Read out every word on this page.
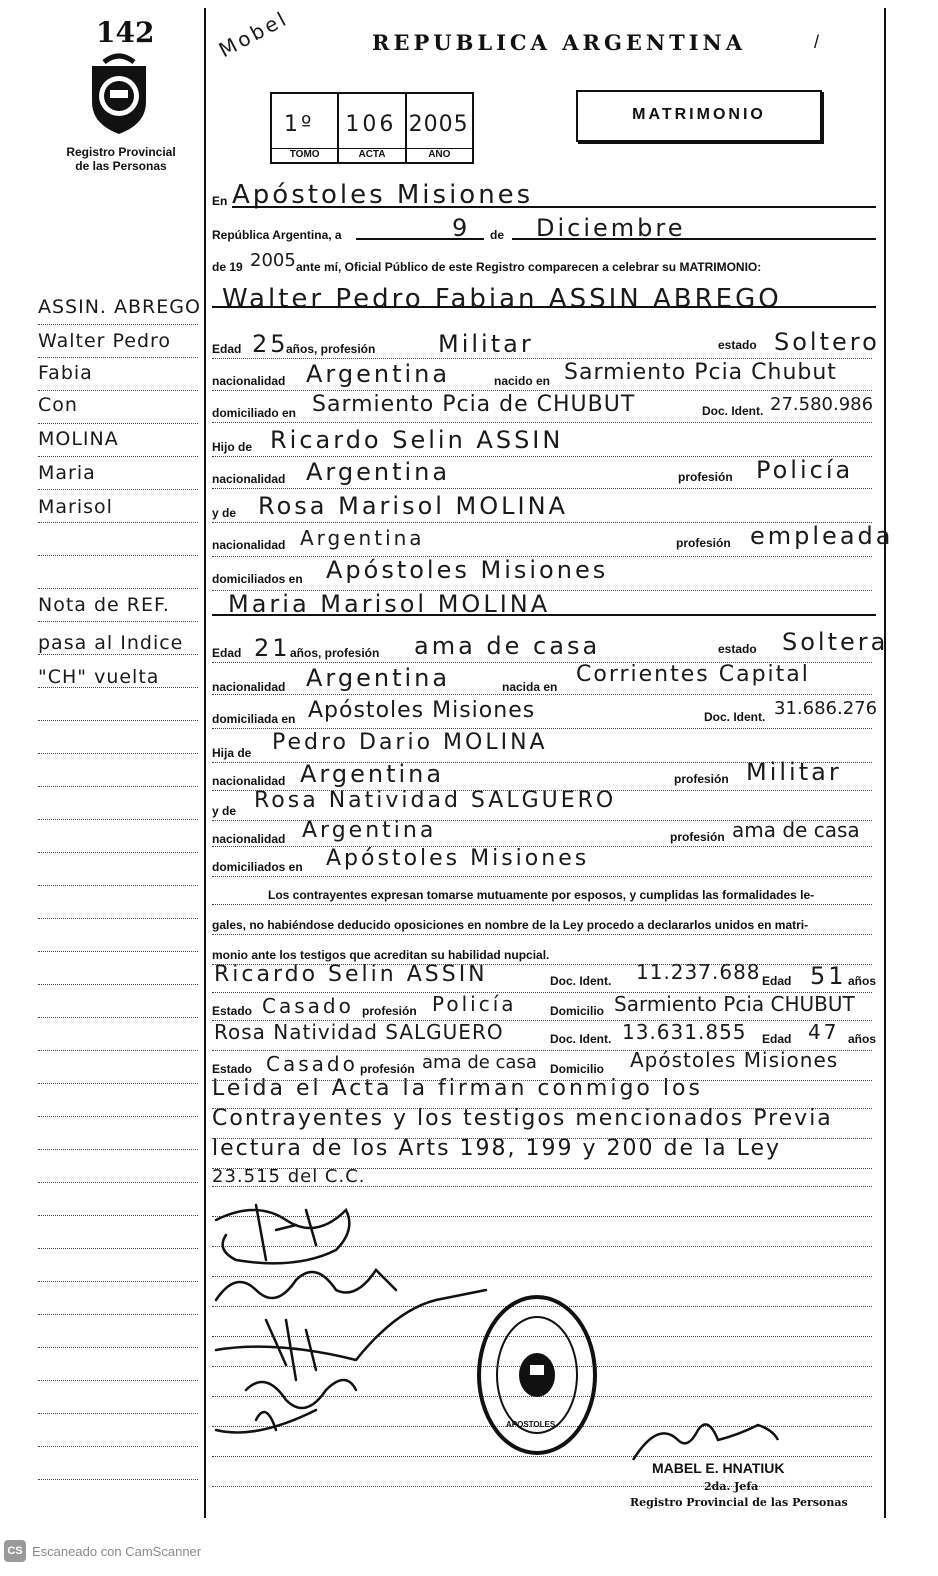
142
Registro Provincial
de las Personas
Mobel	REPUBLICA ARGENTINA
1º
TOMO
106
ACTA
2005
AÑO
MATRIMONIO
/
En Apóstoles Misiones
República Argentina, a	9 de Diciembre
de 19 2005 ante mí, Oficial Público de este Registro comparecen a celebrar su MATRIMONIO:
Walter Pedro Fabian ASSIN ABREGO
Edad 25
años, profesión	Militar	estado Soltero
nacionalidad Argentina	nacido en Sarmiento Pcia Chubut
domiciliado en Sarmiento Pcia de CHUBUT	Doc. Ident. 27.580.986
Hijo de Ricardo Selin ASSIN
nacionalidad Argentina	profesión Policía
y de Rosa Marisol MOLINA
nacionalidad Argentina	profesión empleada
domiciliados en Apóstoles Misiones
Maria Marisol MOLINA
Edad 21 años, profesión ama de casa	estado Soltera
nacionalidad Argentina	nacida en Corrientes Capital
domiciliada en Apóstoles Misiones	Doc. Ident. 31.686.276
Hija de Pedro Dario MOLINA
nacionalidad Argentina	profesión Militar
y de Rosa Natividad SALGUERO
nacionalidad Argentina	profesión ama de casa
domiciliados en Apóstoles Misiones
Los contrayentes expresan tomarse mutuamente por esposos, y cumplidas las formalidades le-
gales, no habiéndose deducido oposiciones en nombre de la Ley procedo a declararlos unidos en matri-
monio ante los testigos que acreditan su habilidad nupcial.
Ricardo Selin ASSIN	Doc. Ident. 11.237.688 Edad 51 años
Estado Casado profesión Policía	Domicilio Sarmiento Pcia CHUBUT
Rosa Natividad SALGUERO	Doc. Ident. 13.631.855 Edad 47 años
Estado Casado profesión ama de casa Domicilio Apóstoles Misiones
Leida el Acta la firman conmigo los
Contrayentes y los testigos mencionados Previa
lectura de los Arts 198, 199 y 200 de la Ley
23.515 del C.C.
ASSIN. ABREGO
Walter Pedro
Fabia
Con
MOLINA
Maria
Marisol
Nota de REF.
pasa al Indice
"CH" vuelta
APOSTOLES
MABEL E. HNATIUK
2da. Jefa
Registro Provincial de las Personas
CS Escaneado con CamScanner
